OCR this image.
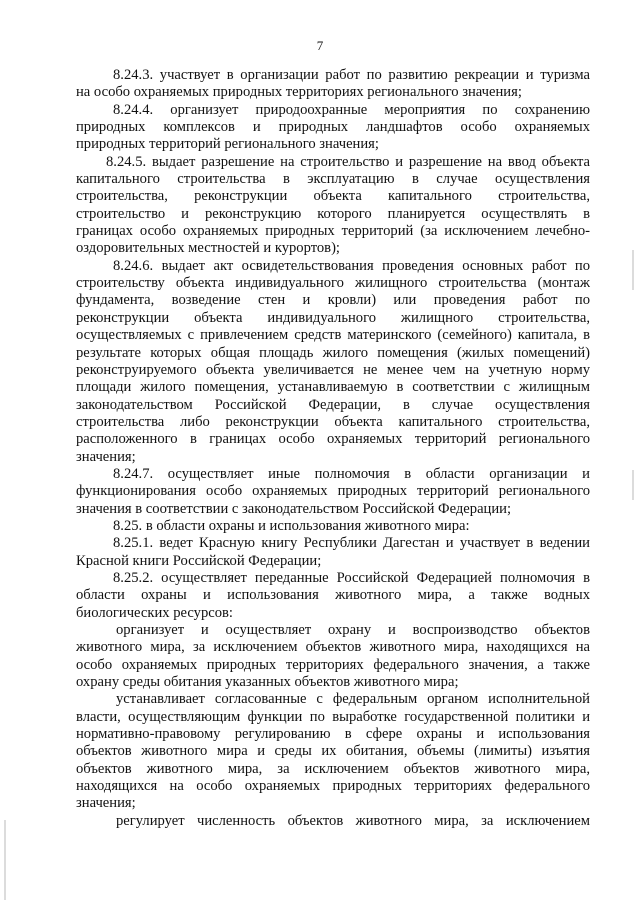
7
8.24.3. участвует в организации работ по развитию рекреации и туризма
на особо охраняемых природных территориях регионального значения;
8.24.4. организует природоохранные мероприятия по сохранению
природных комплексов и природных ландшафтов особо охраняемых
природных территорий регионального значения;
8.24.5. выдает разрешение на строительство и разрешение на ввод объекта
капитального строительства в эксплуатацию в случае осуществления
строительства, реконструкции объекта капитального строительства,
строительство и реконструкцию которого планируется осуществлять в
границах особо охраняемых природных территорий (за исключением лечебно-
оздоровительных местностей и курортов);
8.24.6. выдает акт освидетельствования проведения основных работ по
строительству объекта индивидуального жилищного строительства (монтаж
фундамента, возведение стен и кровли) или проведения работ по
реконструкции объекта индивидуального жилищного строительства,
осуществляемых с привлечением средств материнского (семейного) капитала, в
результате которых общая площадь жилого помещения (жилых помещений)
реконструируемого объекта увеличивается не менее чем на учетную норму
площади жилого помещения, устанавливаемую в соответствии с жилищным
законодательством Российской Федерации, в случае осуществления
строительства либо реконструкции объекта капитального строительства,
расположенного в границах особо охраняемых территорий регионального
значения;
8.24.7. осуществляет иные полномочия в области организации и
функционирования особо охраняемых природных территорий регионального
значения в соответствии с законодательством Российской Федерации;
8.25. в области охраны и использования животного мира:
8.25.1. ведет Красную книгу Республики Дагестан и участвует в ведении
Красной книги Российской Федерации;
8.25.2. осуществляет переданные Российской Федерацией полномочия в
области охраны и использования животного мира, а также водных
биологических ресурсов:
организует и осуществляет охрану и воспроизводство объектов
животного мира, за исключением объектов животного мира, находящихся на
особо охраняемых природных территориях федерального значения, а также
охрану среды обитания указанных объектов животного мира;
устанавливает согласованные с федеральным органом исполнительной
власти, осуществляющим функции по выработке государственной политики и
нормативно-правовому регулированию в сфере охраны и использования
объектов животного мира и среды их обитания, объемы (лимиты) изъятия
объектов животного мира, за исключением объектов животного мира,
находящихся на особо охраняемых природных территориях федерального
значения;
регулирует численность объектов животного мира, за исключением
